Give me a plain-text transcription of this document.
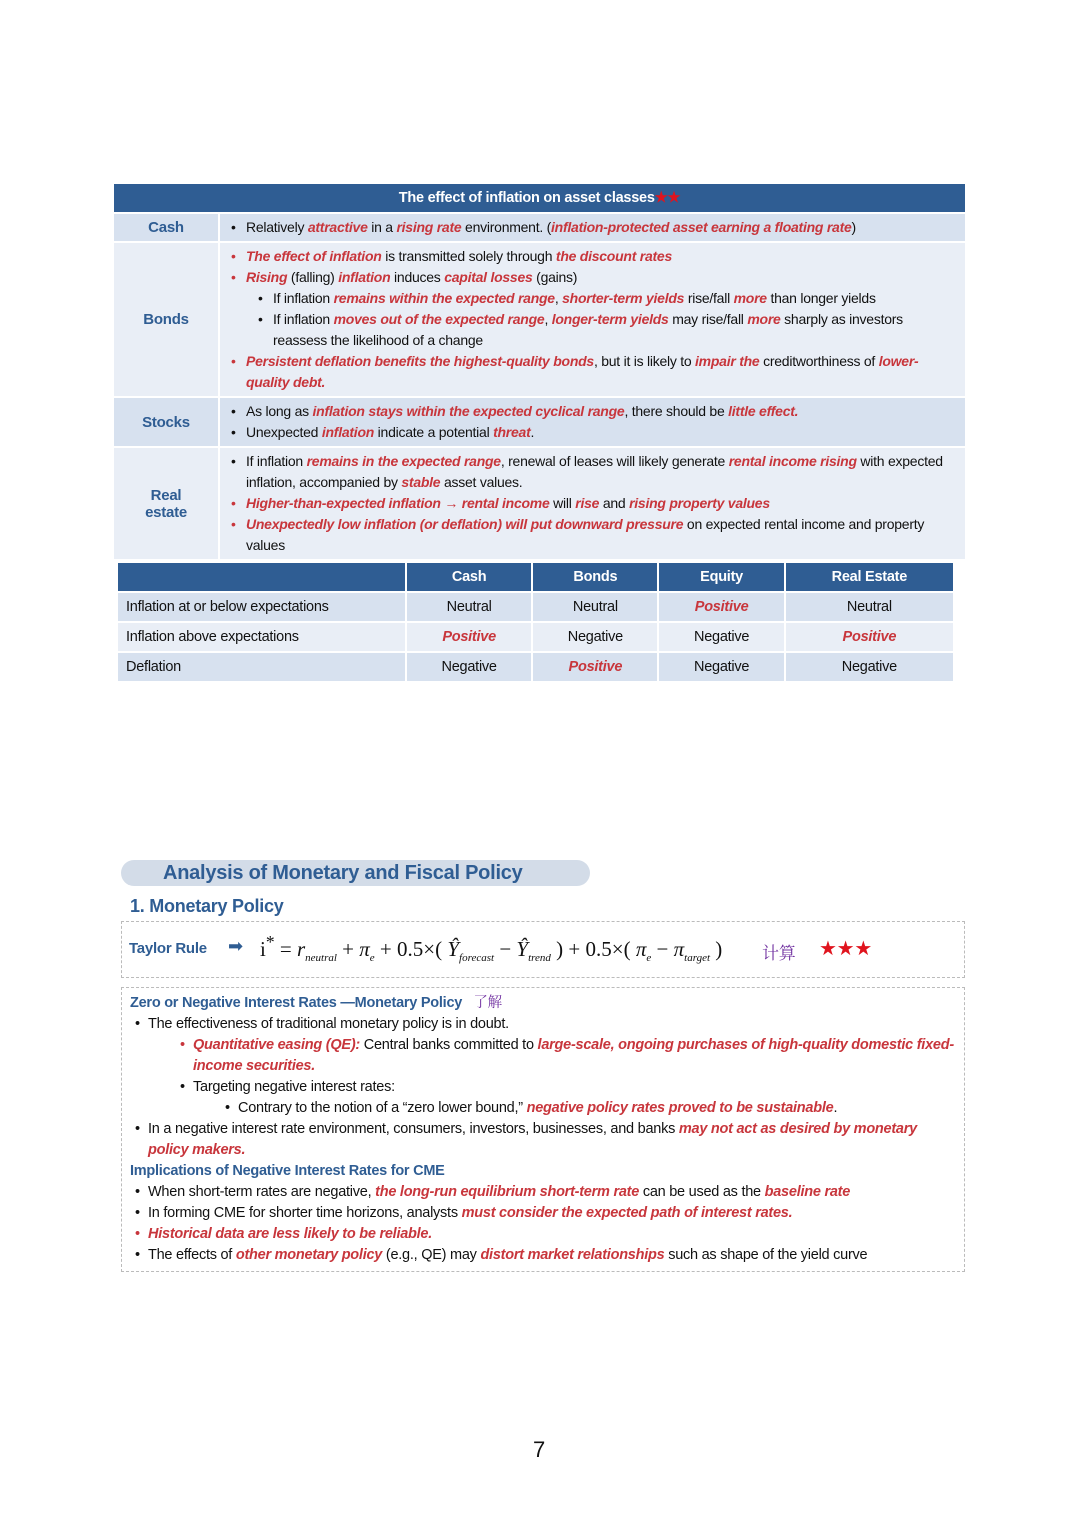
The effect of inflation on asset classes★★	
Cash	• Relatively attractive in a rising rate environment. (inflation-protected asset earning a floating rate)

Bonds	• The effect of inflation is transmitted solely through the discount rates
• Rising (falling) inflation induces capital losses (gains)
• If inflation remains within the expected range, shorter-term yields rise/fall more than longer yields
• If inflation moves out of the expected range, longer-term yields may rise/fall more sharply as investors reassess the likelihood of a change
• Persistent deflation benefits the highest-quality bonds, but it is likely to impair the creditworthiness of lower-quality debt.

Stocks	• As long as inflation stays within the expected cyclical range, there should be little effect.
• Unexpected inflation indicate a potential threat.

Real estate	• If inflation remains in the expected range, renewal of leases will likely generate rental income rising with expected inflation, accompanied by stable asset values.
• Higher-than-expected inflation → rental income will rise and rising property values
• Unexpectedly low inflation (or deflation) will put downward pressure on expected rental income and property values
	Cash	Bonds	Equity	Real Estate
Inflation at or below expectations	Neutral	Neutral	Positive	Neutral
Inflation above expectations	Positive	Negative	Negative	Positive
Deflation	Negative	Positive	Negative	Negative
Analysis of Monetary and Fiscal Policy
1. Monetary Policy
Taylor Rule ➡ $i^* = r_{neutral} + \pi_e + 0.5\times$( $Ŷ_{forecast}$ − $Ŷ_{trend}$ ) + 0.5×( $\pi_e - \pi_{target}$ ) 计算 ★★★
Zero or Negative Interest Rates —Monetary Policy 了解
• The effectiveness of traditional monetary policy is in doubt.
• Quantitative easing (QE): Central banks committed to large-scale, ongoing purchases of high-quality domestic fixed-income securities.
• Targeting negative interest rates:
• Contrary to the notion of a “zero lower bound,” negative policy rates proved to be sustainable.
• In a negative interest rate environment, consumers, investors, businesses, and banks may not act as desired by monetary policy makers.
Implications of Negative Interest Rates for CME
• When short-term rates are negative, the long-run equilibrium short-term rate can be used as the baseline rate
• In forming CME for shorter time horizons, analysts must consider the expected path of interest rates.
• Historical data are less likely to be reliable.
• The effects of other monetary policy (e.g., QE) may distort market relationships such as shape of the yield curve
7
